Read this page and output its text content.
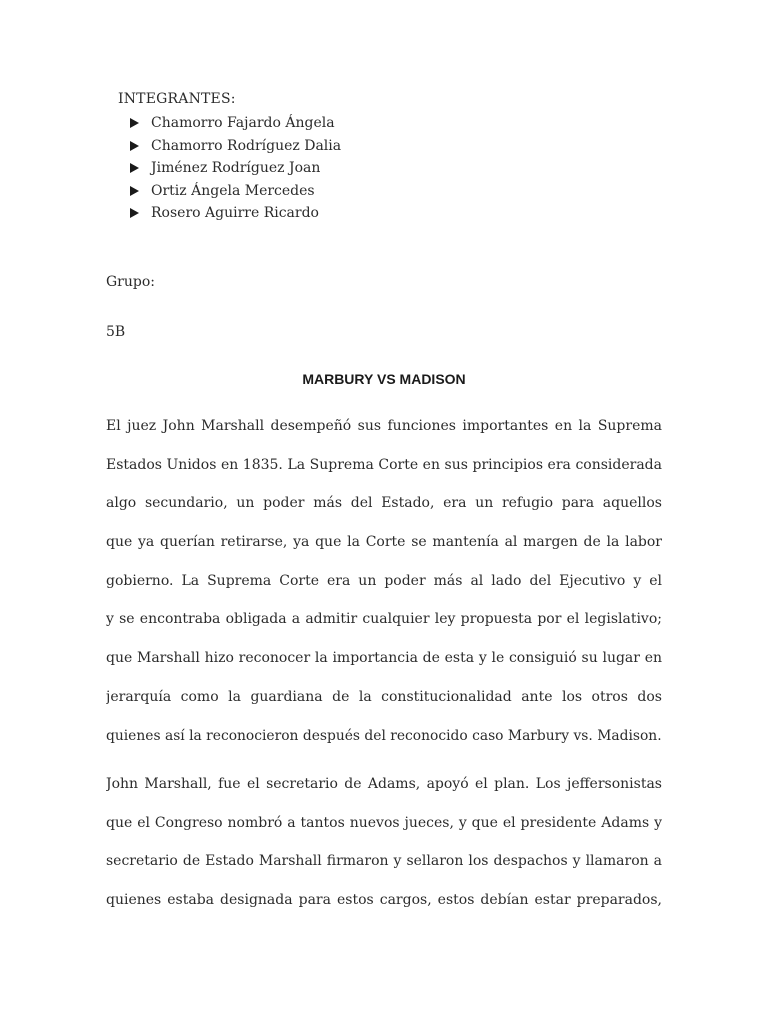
INTEGRANTES:
Chamorro Fajardo Ángela
Chamorro Rodríguez Dalia
Jiménez Rodríguez Joan
Ortiz Ángela Mercedes
Rosero Aguirre Ricardo
Grupo:
5B
MARBURY VS MADISON
El juez John Marshall desempeñó sus funciones importantes en la Suprema
Estados Unidos en 1835. La Suprema Corte en sus principios era considerada
algo secundario, un poder más del Estado, era un refugio para aquellos
que ya querían retirarse, ya que la Corte se mantenía al margen de la labor
gobierno. La Suprema Corte era un poder más al lado del Ejecutivo y el
y se encontraba obligada a admitir cualquier ley propuesta por el legislativo;
que Marshall hizo reconocer la importancia de esta y le consiguió su lugar en
jerarquía como la guardiana de la constitucionalidad ante los otros dos
quienes así la reconocieron después del reconocido caso Marbury vs. Madison.
John Marshall, fue el secretario de Adams, apoyó el plan. Los jeffersonistas
que el Congreso nombró a tantos nuevos jueces, y que el presidente Adams y
secretario de Estado Marshall firmaron y sellaron los despachos y llamaron a
quienes estaba designada para estos cargos, estos debían estar preparados,
